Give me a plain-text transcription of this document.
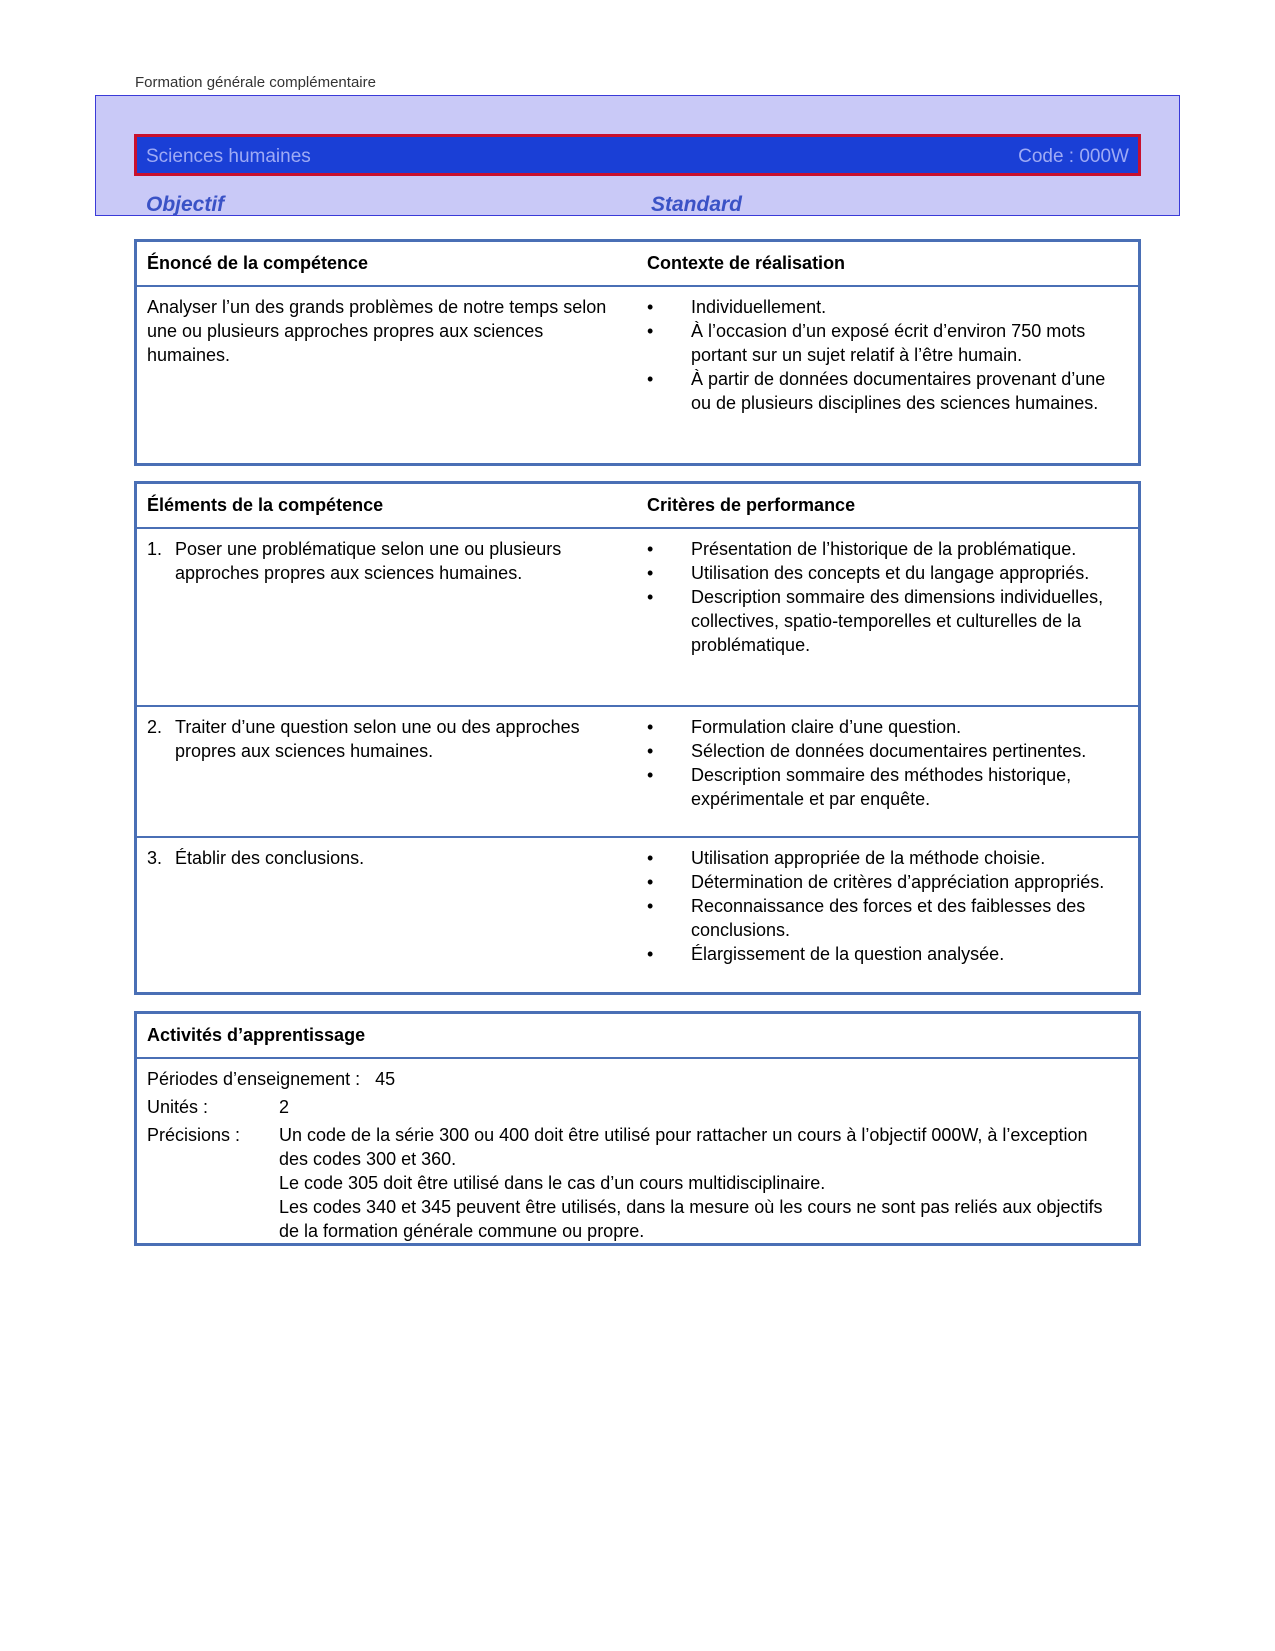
Formation générale complémentaire
Sciences humaines	Code : 000W
Objectif	Standard
Énoncé de la compétence	Contexte de réalisation
Analyser l’un des grands problèmes de notre temps selon une ou plusieurs approches propres aux sciences humaines.
• Individuellement.
• À l’occasion d’un exposé écrit d’environ 750 mots portant sur un sujet relatif à l’être humain.
• À partir de données documentaires provenant d’une ou de plusieurs disciplines des sciences humaines.
Éléments de la compétence	Critères de performance
1. Poser une problématique selon une ou plusieurs approches propres aux sciences humaines.
• Présentation de l’historique de la problématique.
• Utilisation des concepts et du langage appropriés.
• Description sommaire des dimensions individuelles, collectives, spatio-temporelles et culturelles de la problématique.
2. Traiter d’une question selon une ou des approches propres aux sciences humaines.
• Formulation claire d’une question.
• Sélection de données documentaires pertinentes.
• Description sommaire des méthodes historique, expérimentale et par enquête.
3. Établir des conclusions.
•	Utilisation appropriée de la méthode choisie.
• Détermination de critères d’appréciation appropriés.
• Reconnaissance des forces et des faiblesses des conclusions.
• Élargissement de la question analysée.
Activités d’apprentissage
Périodes d’enseignement : 45
Unités :	2
Précisions : Un code de la série 300 ou 400 doit être utilisé pour rattacher un cours à l’objectif 000W, à l’exception des codes 300 et 360.
Le code 305 doit être utilisé dans le cas d’un cours multidisciplinaire.
Les codes 340 et 345 peuvent être utilisés, dans la mesure où les cours ne sont pas reliés aux objectifs de la formation générale commune ou propre.
